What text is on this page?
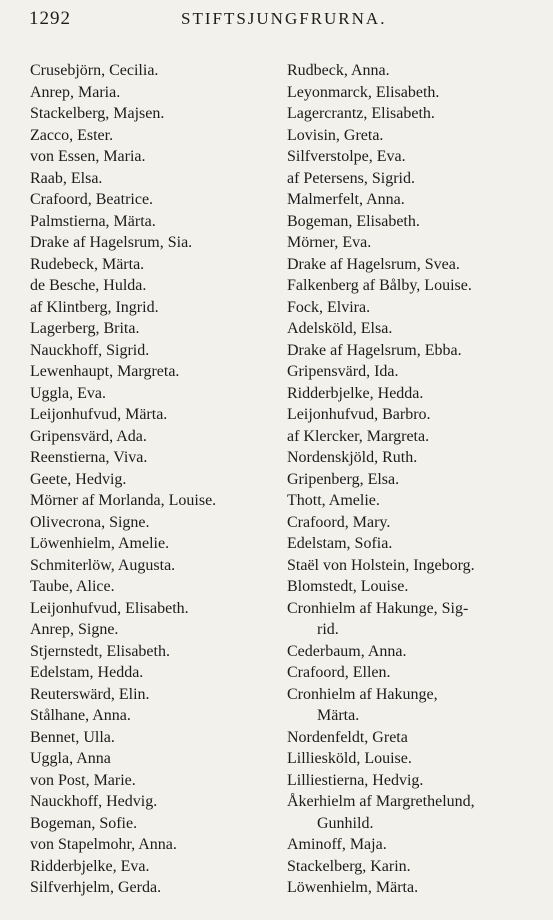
1292	STIFTSJUNGFRURNA.
Crusebjörn, Cecilia.
Anrep, Maria.
Stackelberg, Majsen.
Zacco, Ester.
von Essen, Maria.
Raab, Elsa.
Crafoord, Beatrice.
Palmstierna, Märta.
Drake af Hagelsrum, Sia.
Rudebeck, Märta.
de Besche, Hulda.
af Klintberg, Ingrid.
Lagerberg, Brita.
Nauckhoff, Sigrid.
Lewenhaupt, Margreta.
Uggla, Eva.
Leijonhufvud, Märta.
Gripensvärd, Ada.
Reenstierna, Viva.
Geete, Hedvig.
Mörner af Morlanda, Louise.
Olivecrona, Signe.
Löwenhielm, Amelie.
Schmiterlöw, Augusta.
Taube, Alice.
Leijonhufvud, Elisabeth.
Anrep, Signe.
Stjernstedt, Elisabeth.
Edelstam, Hedda.
Reuterswärd, Elin.
Stålhane, Anna.
Bennet, Ulla.
Uggla, Anna
von Post, Marie.
Nauckhoff, Hedvig.
Bogeman, Sofie.
von Stapelmohr, Anna.
Ridderbjelke, Eva.
Silfverhjelm, Gerda.
Rudbeck, Anna.
Leyonmarck, Elisabeth.
Lagercrantz, Elisabeth.
Lovisin, Greta.
Silfverstolpe, Eva.
af Petersens, Sigrid.
Malmerfelt, Anna.
Bogeman, Elisabeth.
Mörner, Eva.
Drake af Hagelsrum, Svea.
Falkenberg af Bålby, Louise.
Fock, Elvira.
Adelsköld, Elsa.
Drake af Hagelsrum, Ebba.
Gripensvärd, Ida.
Ridderbjelke, Hedda.
Leijonhufvud, Barbro.
af Klercker, Margreta.
Nordenskjöld, Ruth.
Gripenberg, Elsa.
Thott, Amelie.
Crafoord, Mary.
Edelstam, Sofia.
Staël von Holstein, Ingeborg.
Blomstedt, Louise.
Cronhielm af Hakunge, Sig-
rid.
Cederbaum, Anna.
Crafoord, Ellen.
Cronhielm af Hakunge,
Märta.
Nordenfeldt, Greta
Lilliesköld, Louise.
Lilliestierna, Hedvig.
Åkerhielm af Margrethelund,
Gunhild.
Aminoff, Maja.
Stackelberg, Karin.
Löwenhielm, Märta.
